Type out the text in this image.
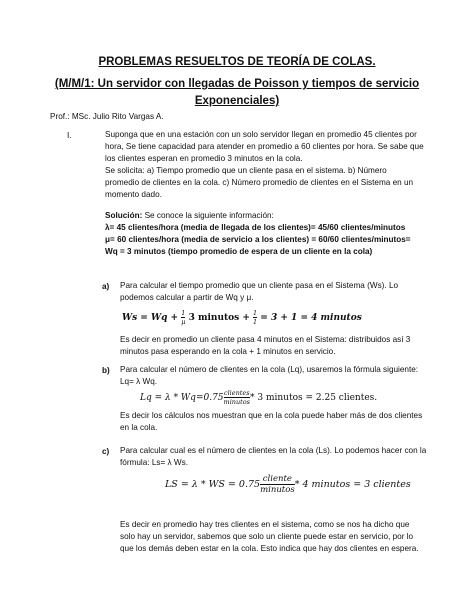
PROBLEMAS RESUELTOS DE TEORÍA DE COLAS.
(M/M/1: Un servidor con llegadas de Poisson y tiempos de servicio
Exponenciales)
Prof.: MSc. Julio Rito Vargas A.
I.	Suponga que en una estación con un solo servidor llegan en promedio 45 clientes por
hora, Se tiene capacidad para atender en promedio a 60 clientes por hora. Se sabe que
los clientes esperan en promedio 3 minutos en la cola.
Se solicita: a) Tiempo promedio que un cliente pasa en el sistema. b) Número
promedio de clientes en la cola. c) Número promedio de clientes en el Sistema en un
momento dado.
Solución: Se conoce la siguiente información:
λ= 45 clientes/hora (media de llegada de los clientes)= 45/60 clientes/minutos
μ= 60 clientes/hora (media de servicio a los clientes) = 60/60 clientes/minutos=
Wq = 3 minutos (tiempo promedio de espera de un cliente en la cola)
a) Para calcular el tiempo promedio que un cliente pasa en el Sistema (Ws). Lo
podemos calcular a partir de Wq y μ.
$Ws = Wq + \frac{1}{\mu} 3$ minutos + $\frac{1}{1} = 3 + 1 = 4$ minutos
Es decir en promedio un cliente pasa 4 minutos en el Sistema: distribuidos así 3
minutos pasa esperando en la cola + 1 minutos en servicio.
b) Para calcular el número de clientes en la cola (Lq), usaremos la fórmula siguiente:
Lq= λ Wq.
$Lq = \lambda * Wq=0.75 \frac{\text{clientes}}{\text{minutos}} * 3$ minutos = 2.25 clientes.
Es decir los cálculos nos muestran que en la cola puede haber más de dos clientes
en la cola.
c) Para calcular cual es el número de clientes en la cola (Ls). Lo podemos hacer con la
fórmula: Ls= λ Ws.
LS = λ * WS = $0.75 \frac{\text{cliente}}{\text{minutos}} * 4$ minutos = 3 clientes
Es decir en promedio hay tres clientes en el sistema, como se nos ha dicho que
solo hay un servidor, sabemos que solo un cliente puede estar en servicio, por lo
que los demás deben estar en la cola. Esto indica que hay dos clientes en espera.
